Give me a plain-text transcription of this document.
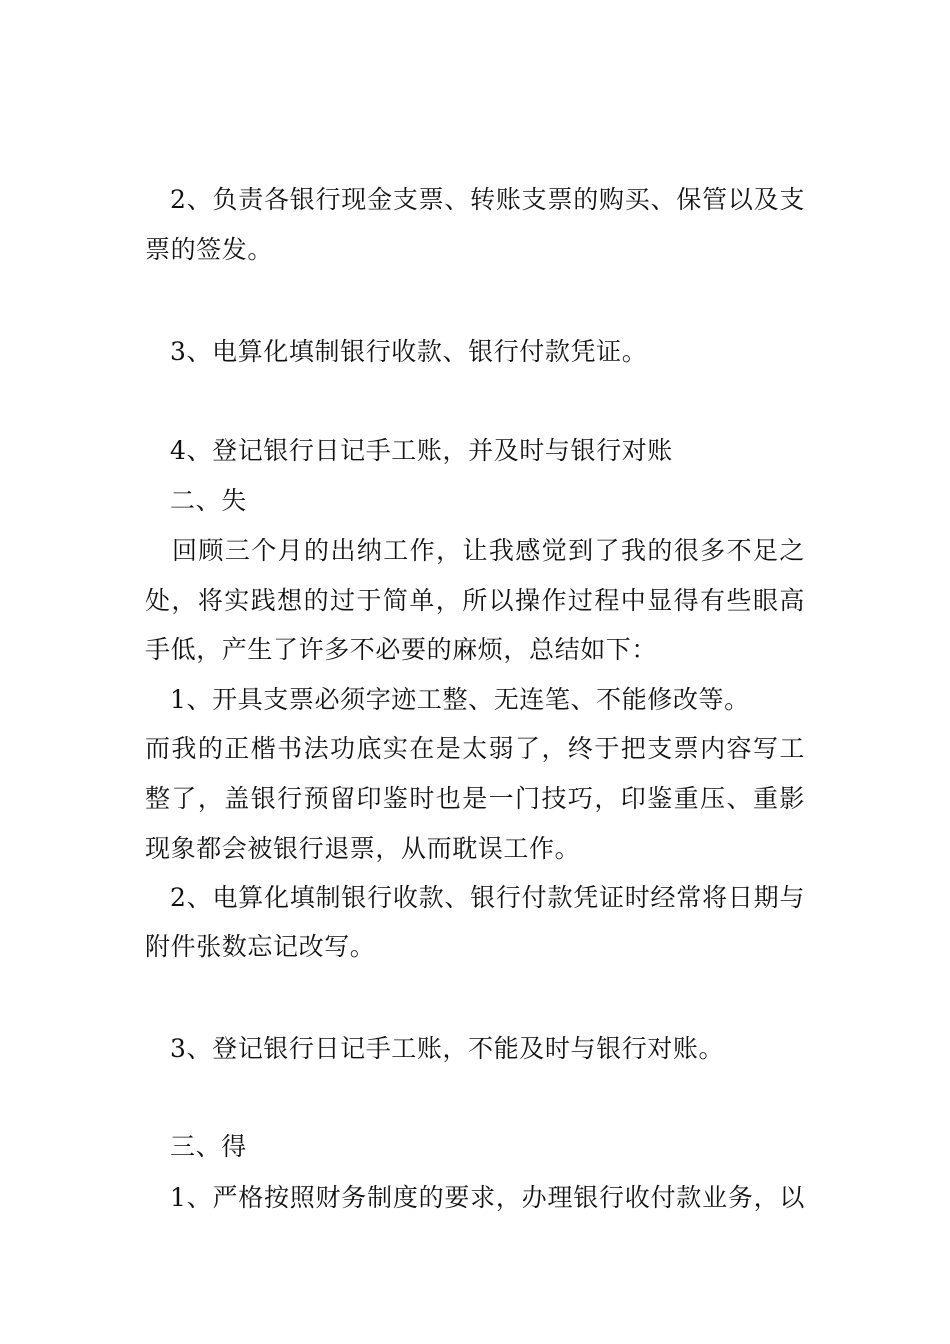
2、负责各银行现金支票、转账支票的购买、保管以及支
票的签发。
3、电算化填制银行收款、银行付款凭证。
4、登记银行日记手工账，并及时与银行对账
二、失
回顾三个月的出纳工作，让我感觉到了我的很多不足之
处，将实践想的过于简单，所以操作过程中显得有些眼高
手低，产生了许多不必要的麻烦，总结如下：
1、开具支票必须字迹工整、无连笔、不能修改等。
而我的正楷书法功底实在是太弱了，终于把支票内容写工
整了，盖银行预留印鉴时也是一门技巧，印鉴重压、重影
现象都会被银行退票，从而耽误工作。
2、电算化填制银行收款、银行付款凭证时经常将日期与
附件张数忘记改写。
3、登记银行日记手工账，不能及时与银行对账。
三、得
1、严格按照财务制度的要求，办理银行收付款业务，以
